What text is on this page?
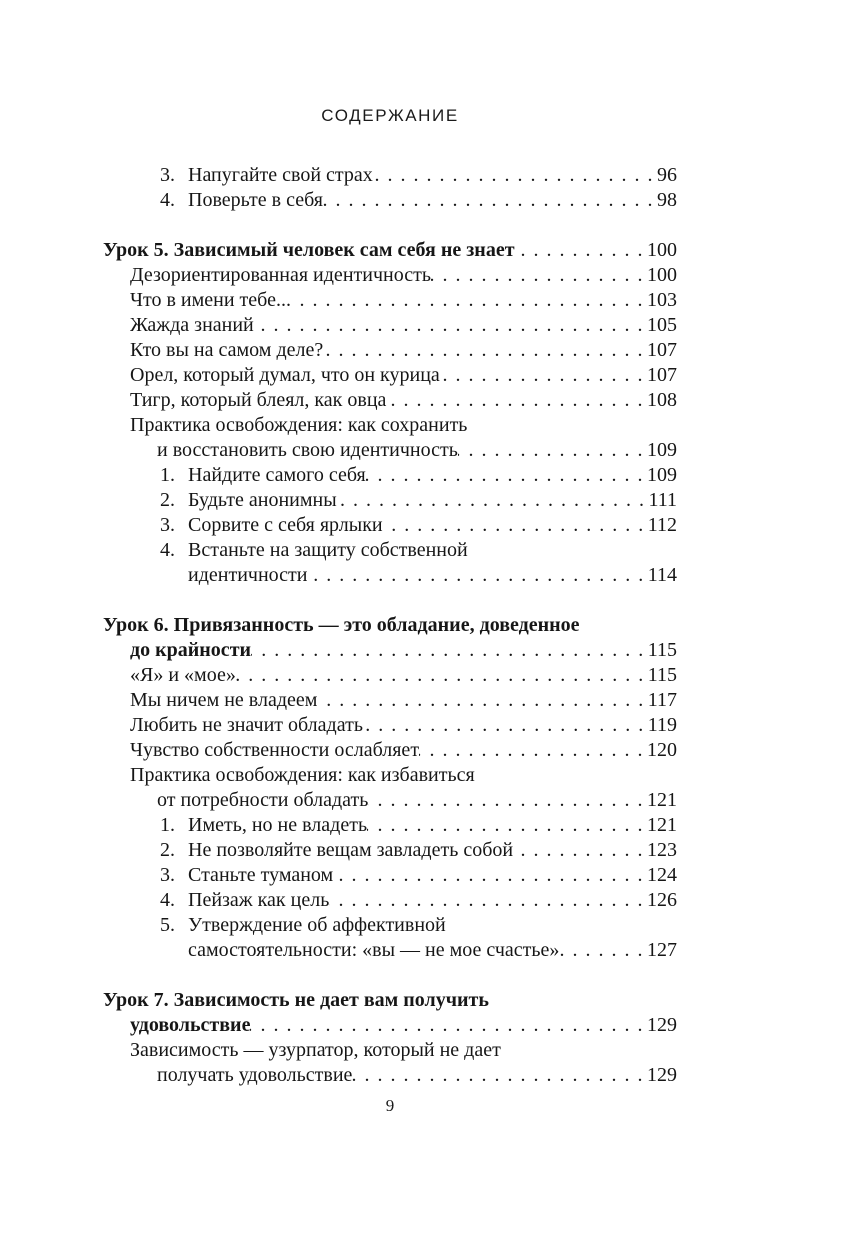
СОДЕРЖАНИЕ
3. Напугайте свой страх . . .	96
4. Поверьте в себя . . .	98
Урок 5. Зависимый человек сам себя не знает . . .	100
Дезориентированная идентичность . . .	100
Что в имени тебе... . . .	103
Жажда знаний . . .	105
Кто вы на самом деле? . . .	107
Орел, который думал, что он курица . . .	107
Тигр, который блеял, как овца . . .	108
Практика освобождения: как сохранить
и восстановить свою идентичность . . .	109
1. Найдите самого себя . . .	109
2. Будьте анонимны . . .	111
3. Сорвите с себя ярлыки . . .	112
4. Встаньте на защиту собственной
идентичности . . .	114
Урок 6. Привязанность — это обладание, доведенное
до крайности . . .	115
«Я» и «мое» . . .	115
Мы ничем не владеем . . .	117
Любить не значит обладать . . .	119
Чувство собственности ослабляет . . .	120
Практика освобождения: как избавиться
от потребности обладать . . .	121
1. Иметь, но не владеть . . .	121
2. Не позволяйте вещам завладеть собой . . .	123
3. Станьте туманом . . .	124
4. Пейзаж как цель . . .	126
5. Утверждение об аффективной
самостоятельности: «вы — не мое счастье» . . .	127
Урок 7. Зависимость не дает вам получить
удовольствие . . .	129
Зависимость — узурпатор, который не дает
получать удовольствие . . .	129
9
